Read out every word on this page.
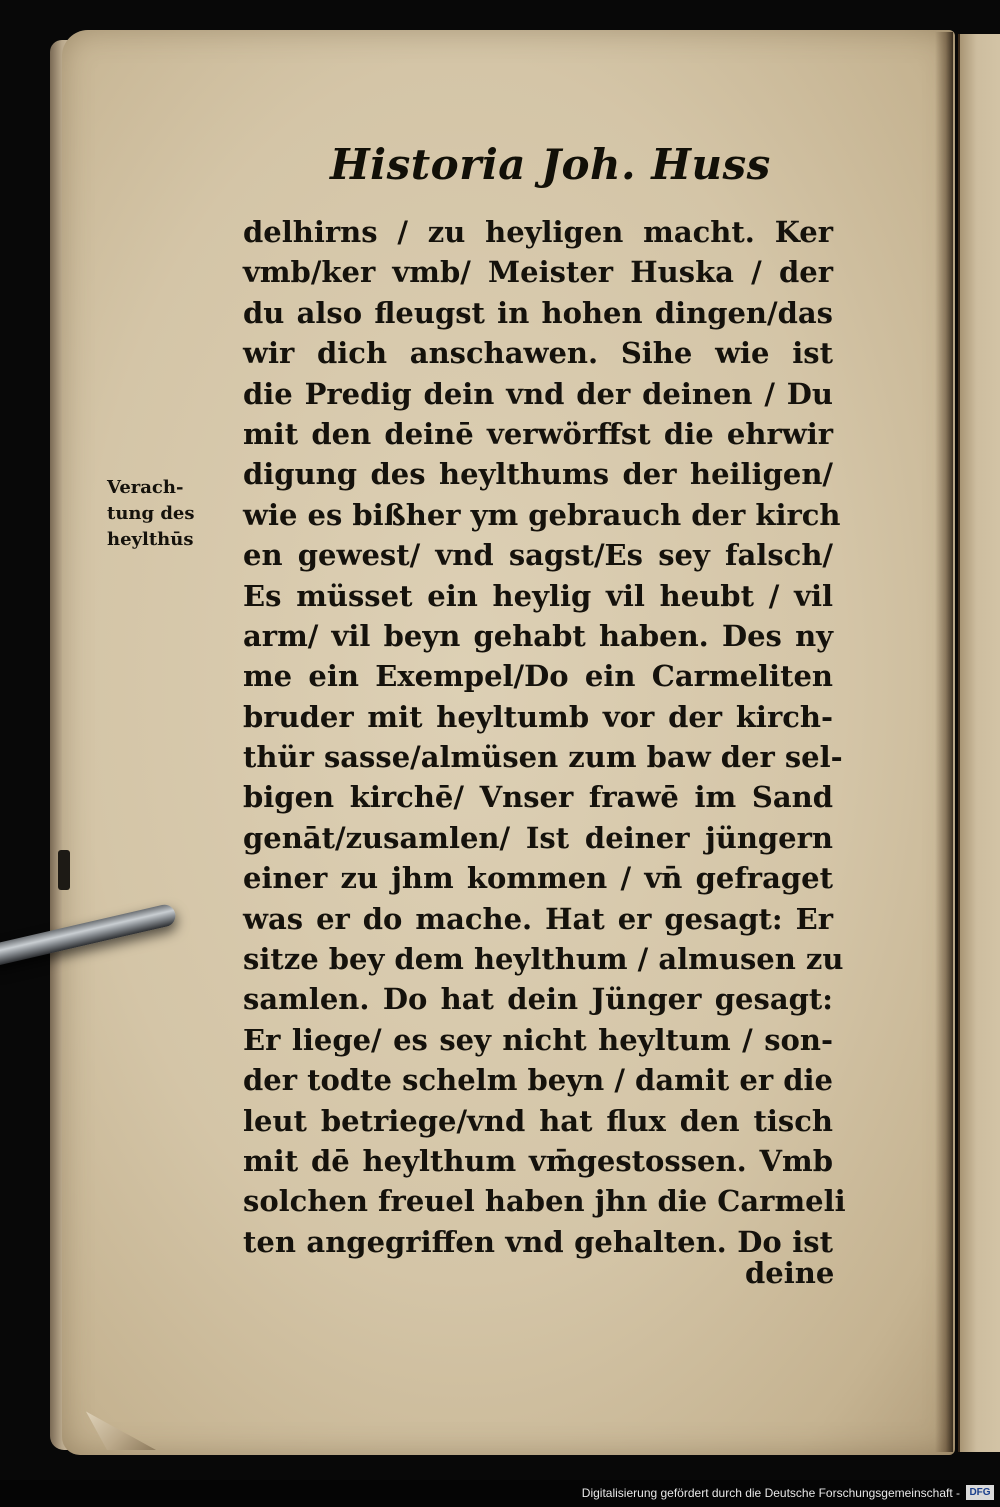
Historia Joh. Huss
Verach-
tung des
heylthūs
delhirns / zu heyligen macht. Ker
vmb/ker vmb/ Meister Huska / der
du also fleugst in hohen dingen/das
wir dich anschawen. Sihe wie ist
die Predig dein vnd der deinen / Du
mit den deinē verwörffst die ehrwir
digung des heylthums der heiligen/
wie es bißher ym gebrauch der kirch
en gewest/ vnd sagst/Es sey falsch/
Es müsset ein heylig vil heubt / vil
arm/ vil beyn gehabt haben. Des ny
me ein Exempel/Do ein Carmeliten
bruder mit heyltumb vor der kirch-
thür sasse/almüsen zum baw der sel-
bigen kirchē/ Vnser frawē im Sand
genāt/zusamlen/ Ist deiner jüngern
einer zu jhm kommen / vn̄ gefraget
was er do mache. Hat er gesagt: Er
sitze bey dem heylthum / almusen zu
samlen. Do hat dein Jünger gesagt:
Er liege/ es sey nicht heyltum / son-
der todte schelm beyn / damit er die
leut betriege/vnd hat flux den tisch
mit dē heylthum vm̄gestossen. Vmb
solchen freuel haben jhn die Carmeli
ten angegriffen vnd gehalten. Do ist
deine
Digitalisierung gefördert durch die Deutsche Forschungsgemeinschaft - DFG
